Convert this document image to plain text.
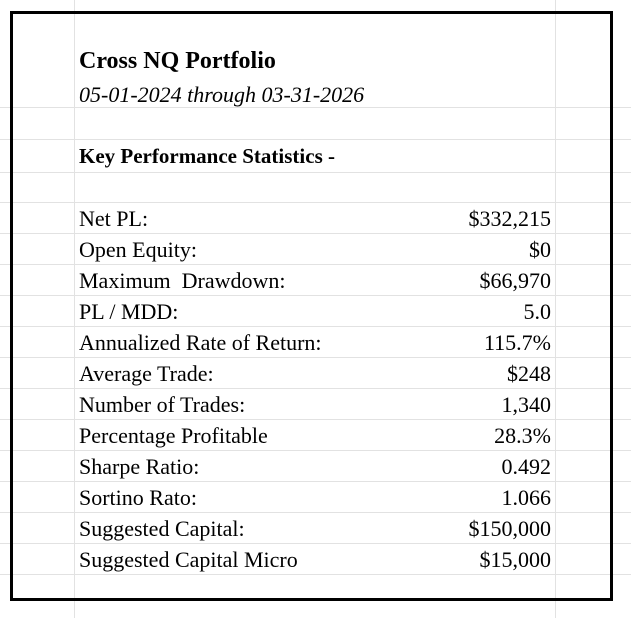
Cross NQ Portfolio
05-01-2024 through 03-31-2026
Key Performance Statistics -
Net PL:	$332,215
Open Equity:	$0
Maximum  Drawdown:	$66,970
PL / MDD:	5.0
Annualized Rate of Return:	115.7%
Average Trade:	$248
Number of Trades:	1,340
Percentage Profitable	28.3%
Sharpe Ratio:	0.492
Sortino Rato:	1.066
Suggested Capital:	$150,000
Suggested Capital Micro	$15,000
